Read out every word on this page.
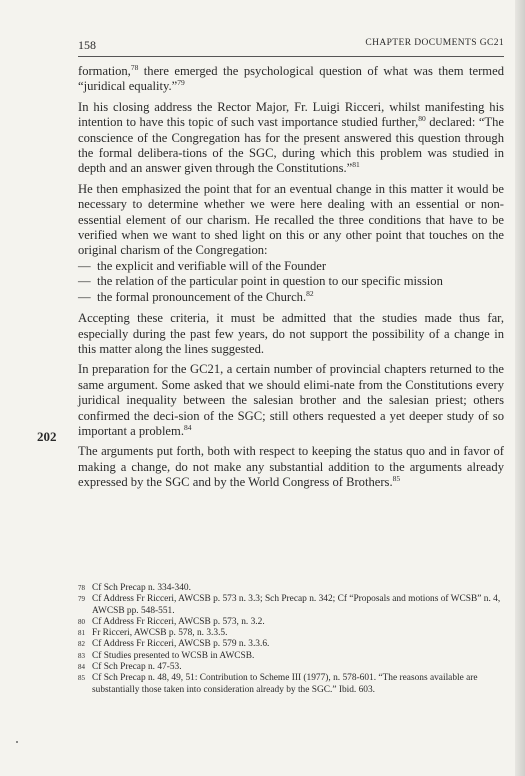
158	CHAPTER DOCUMENTS GC21
202

formation,$^{78}$ there emerged the psychological question of what was them termed “juridical equality.”$^{79}$

In his closing address the Rector Major, Fr. Luigi Ricceri, whilst manifesting his intention to have this topic of such vast importance studied further,$^{80}$ declared: “The conscience of the Congregation has for the present answered this question through the formal delibera-tions of the SGC, during which this problem was studied in depth and an answer given through the Constitutions.”$^{81}$

He then emphasized the point that for an eventual change in this matter it would be necessary to determine whether we were here dealing with an essential or non-essential element of our charism. He recalled the three conditions that have to be verified when we want to shed light on this or any other point that touches on the original charism of the Congregation:

— the explicit and verifiable will of the Founder
— the relation of the particular point in question to our specific mission
— the formal pronouncement of the Church.$^{82}$

Accepting these criteria, it must be admitted that the studies made thus far, especially during the past few years, do not support the possibility of a change in this matter along the lines suggested.

In preparation for the GC21, a certain number of provincial chapters returned to the same argument. Some asked that we should elimi-nate from the Constitutions every juridical inequality between the salesian brother and the salesian priest; others confirmed the deci-sion of the SGC; still others requested a yet deeper study of so important a problem.$^{84}$

The arguments put forth, both with respect to keeping the status quo and in favor of making a change, do not make any substantial addition to the arguments already expressed by the SGC and by the World Congress of Brothers.$^{85}$

78 Cf Sch Precap n. 334-340.
79 Cf Address Fr Ricceri, AWCSB p. 573 n. 3.3; Sch Precap n. 342; Cf “Proposals and motions of WCSB” n. 4, AWCSB pp. 548-551.
80 Cf Address Fr Ricceri, AWCSB p. 573, n. 3.2.
81 Fr Ricceri, AWCSB p. 578, n. 3.3.5.
82 Cf Address Fr Ricceri, AWCSB p. 579 n. 3.3.6.
83 Cf Studies presented to WCSB in AWCSB.
84 Cf Sch Precap n. 47-53.
85 Cf Sch Precap n. 48, 49, 51: Contribution to Scheme III (1977), n. 578-601. “The reasons available are substantially those taken into consideration already by the SGC.” Ibid. 603.
